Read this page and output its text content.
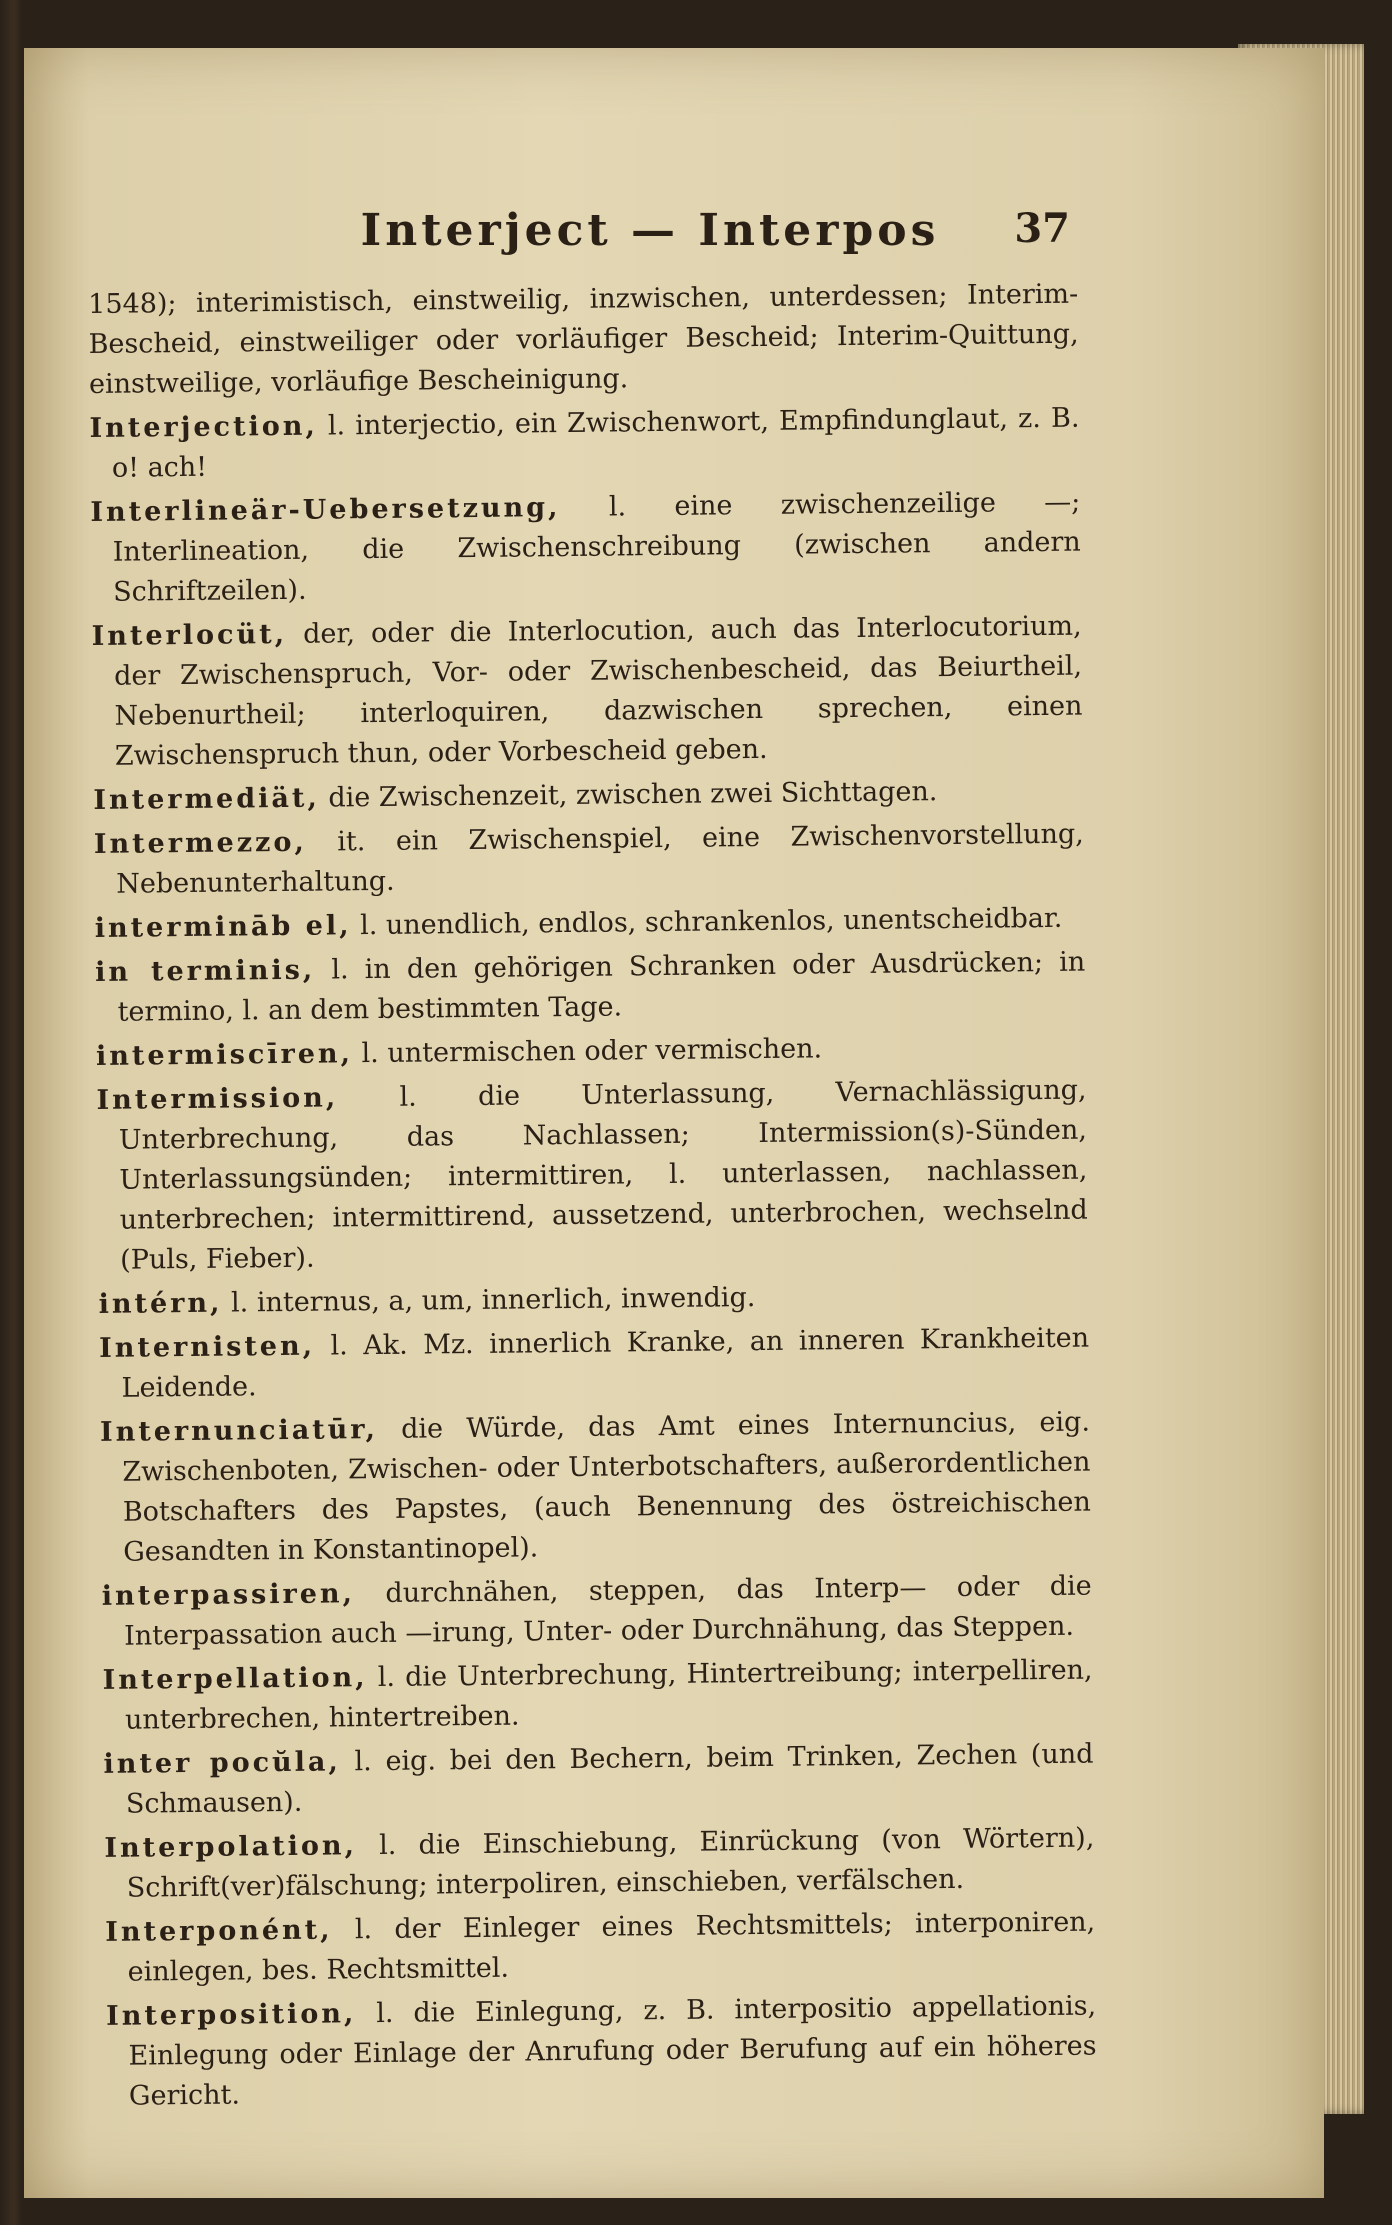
Interject — Interpos	37

1548); interimistisch, einstweilig, inzwischen, unterdessen; Interim-Bescheid, einstweiliger oder vorläufiger Bescheid; Interim-Quittung, einstweilige, vorläufige Bescheinigung.

Interjection, l. interjectio, ein Zwischenwort, Empfindunglaut, z. B. o! ach!

Interlineär-Uebersetzung, l. eine zwischenzeilige —; Interlineation, die Zwischenschreibung (zwischen andern Schriftzeilen).

Interlocüt, der, oder die Interlocution, auch das Interlocutorium, der Zwischenspruch, Vor- oder Zwischenbescheid, das Beiurtheil, Nebenurtheil; interloquiren, dazwischen sprechen, einen Zwischenspruch thun, oder Vorbescheid geben.

Intermediät, die Zwischenzeit, zwischen zwei Sichttagen.

Intermezzo, it. ein Zwischenspiel, eine Zwischenvorstellung, Nebenunterhaltung.

intermināb el, l. unendlich, endlos, schrankenlos, unentscheidbar.

in terminis, l. in den gehörigen Schranken oder Ausdrücken; in termino, l. an dem bestimmten Tage.

intermiscīren, l. untermischen oder vermischen.

Intermission, l. die Unterlassung, Vernachlässigung, Unterbrechung, das Nachlassen; Intermission(s)-Sünden, Unterlassungsünden; intermittiren, l. unterlassen, nachlassen, unterbrechen; intermittirend, aussetzend, unterbrochen, wechselnd (Puls, Fieber).

intérn, l. internus, a, um, innerlich, inwendig.

Internisten, l. Ak. Mz. innerlich Kranke, an inneren Krankheiten Leidende.

Internunciatūr, die Würde, das Amt eines Internuncius, eig. Zwischenboten, Zwischen- oder Unterbotschafters, außerordentlichen Botschafters des Papstes, (auch Benennung des östreichischen Gesandten in Konstantinopel).

interpassiren, durchnähen, steppen, das Interp— oder die Interpassation auch —irung, Unter- oder Durchnähung, das Steppen.

Interpellation, l. die Unterbrechung, Hintertreibung; interpelliren, unterbrechen, hintertreiben.

inter pocŭla, l. eig. bei den Bechern, beim Trinken, Zechen (und Schmausen).

Interpolation, l. die Einschiebung, Einrückung (von Wörtern), Schrift(ver)fälschung; interpoliren, einschieben, verfälschen.

Interponént, l. der Einleger eines Rechtsmittels; interponiren, einlegen, bes. Rechtsmittel.

Interposition, l. die Einlegung, z. B. interpositio appellationis, Einlegung oder Einlage der Anrufung oder Berufung auf ein höheres Gericht.
